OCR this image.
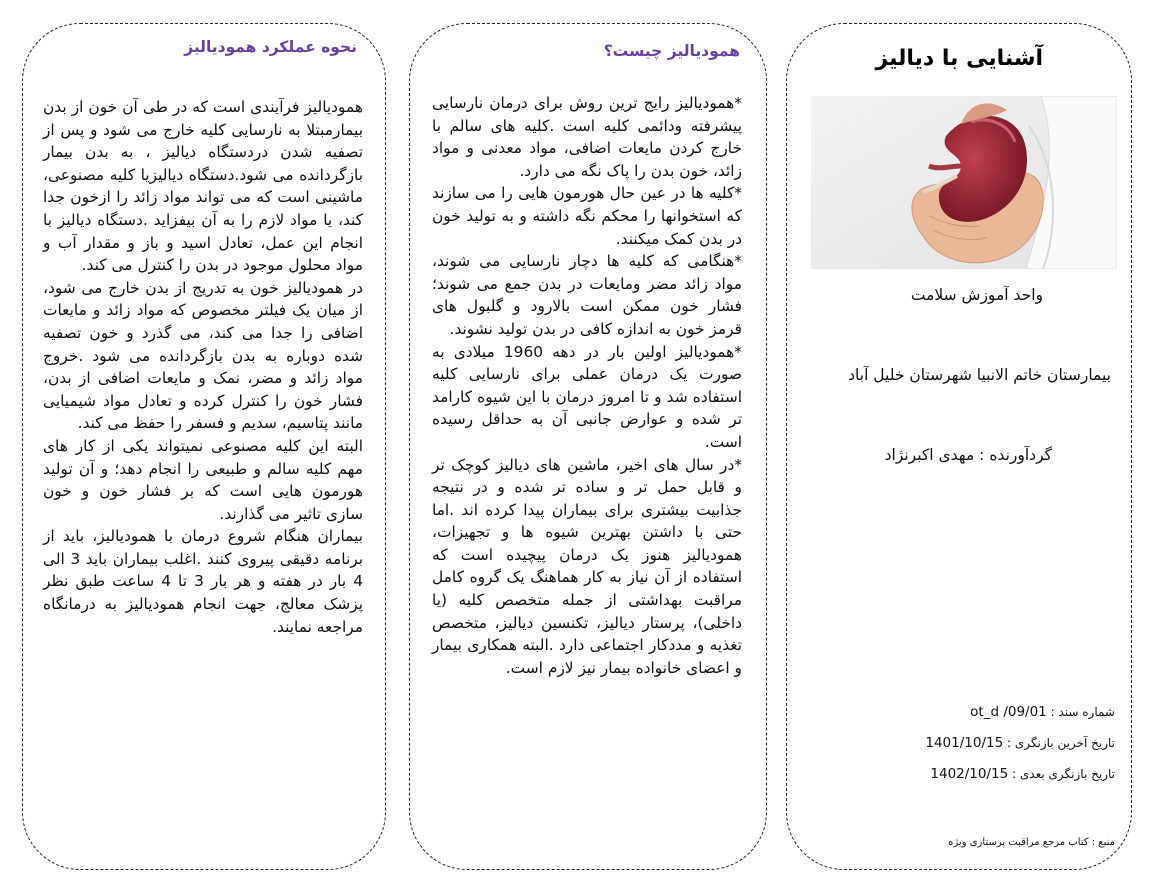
نحوه عملکرد همودیالیز

همودیالیز فرآیندی است که در طی آن خون از بدن بیمارمبتلا به نارسایی کلیه خارج می شود و پس از تصفیه شدن دردستگاه دیالیز ، به بدن بیمار بازگردانده می شود.دستگاه دیالیزیا کلیه مصنوعی، ماشینی است که می تواند مواد زائد را ازخون جدا کند، یا مواد لازم را به آن بیفزاید .دستگاه دیالیز با انجام این عمل، تعادل اسید و باز و مقدار آب و مواد محلول موجود در بدن را کنترل می کند.

در همودیالیز خون به تدریج از بدن خارج می شود، از میان یک فیلتر مخصوص که مواد زائد و مایعات اضافی را جدا می کند، می گذرد و خون تصفیه شده دوباره به بدن بازگردانده می شود .خروج مواد زائد و مضر، نمک و مایعات اضافی از بدن، فشار خون را کنترل کرده و تعادل مواد شیمیایی مانند پتاسیم، سدیم و فسفر را حفظ می کند.

البته این کلیه مصنوعی نمیتواند یکی از کار های مهم کلیه سالم و طبیعی را انجام دهد؛ و آن تولید هورمون هایی است که بر فشار خون و خون سازی تاثیر می گذارند.

بیماران هنگام شروع درمان با همودیالیز، باید از برنامه دقیقی پیروی کنند .اغلب بیماران باید 3 الی 4 بار در هفته و هر بار 3 تا 4 ساعت طبق نظر پزشک معالج، جهت انجام همودیالیز به درمانگاه مراجعه نمایند.

همودیالیز چیست؟

*همودیالیز رایج ترین روش برای درمان نارسایی پیشرفته ودائمی کلیه است .کلیه های سالم با خارج کردن مایعات اضافی، مواد معدنی و مواد زائد، خون بدن را پاک نگه می دارد.

*کلیه ها در عین حال هورمون هایی را می سازند که استخوانها را محکم نگه داشته و به تولید خون در بدن کمک میکنند.

*هنگامی که کلیه ها دچار نارسایی می شوند، مواد زائد مضر ومایعات در بدن جمع می شوند؛ فشار خون ممکن است بالارود و گلبول های قرمز خون به اندازه کافی در بدن تولید نشوند.

*همودیالیز اولین بار در دهه 1960 میلادی به صورت یک درمان عملی برای نارسایی کلیه استفاده شد و تا امروز درمان با این شیوه کارامد تر شده و عوارض جانبی آن به حداقل رسیده است.

*در سال های اخیر، ماشین های دیالیز کوچک تر و قابل حمل تر و ساده تر شده و در نتیجه جذابیت بیشتری برای بیماران پیدا کرده اند .اما حتی با داشتن بهترین شیوه ها و تجهیزات، همودیالیز هنوز یک درمان پیچیده است که استفاده از آن نیاز به کار هماهنگ یک گروه کامل مراقبت بهداشتی از جمله متخصص کلیه (یا داخلی)، پرستار دیالیز، تکنسین دیالیز، متخصص تغذیه و مددکار اجتماعی دارد .البته همکاری بیمار و اعضای خانواده بیمار نیز لازم است.

آشنایی با دیالیز
واحد آموزش سلامت
بیمارستان خاتم الانبیا شهرستان خلیل آباد
گردآورنده : مهدی اکبرنژاد
شماره سند : ot_d /09/01
تاریخ آخرین بازنگری : 1401/10/15
تاریخ بازنگری بعدی : 1402/10/15
منبع : کتاب مرجع مراقبت پرستاری ویژه
